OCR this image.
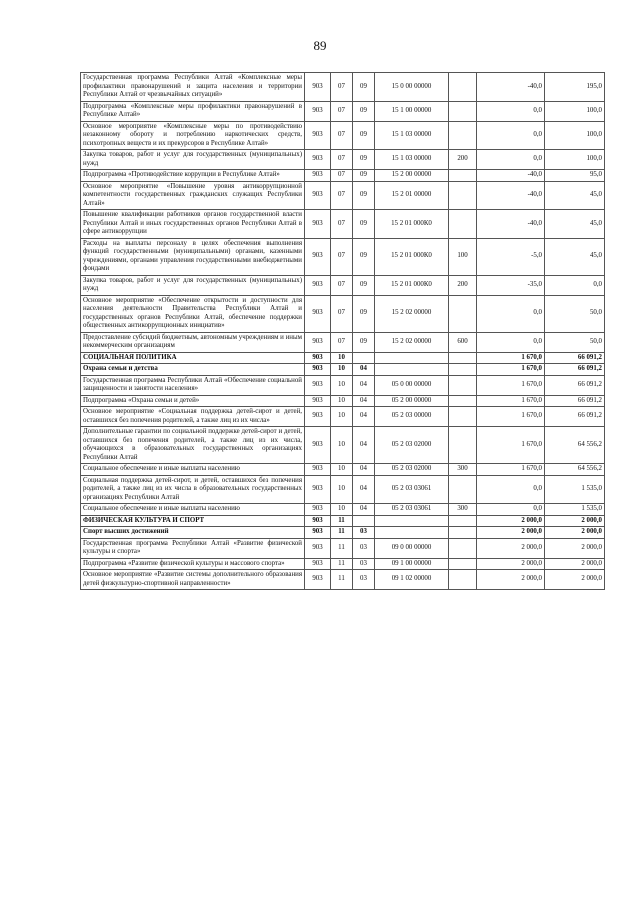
89
Государственная программа Республики Алтай «Комплексные меры профилактики правонарушений и защита населения и территории Республики Алтай от чрезвычайных ситуаций»	903	07	09	15 0 00 00000		-40,0	195,0
Подпрограмма «Комплексные меры профилактики правонарушений в Республике Алтай»	903	07	09	15 1 00 00000		0,0	100,0
Основное мероприятие «Комплексные меры по противодействию незаконному обороту и потреблению наркотических средств, психотропных веществ и их прекурсоров в Республике Алтай»	903	07	09	15 1 03 00000		0,0	100,0
Закупка товаров, работ и услуг для государственных (муниципальных) нужд	903	07	09	15 1 03 00000	200	0,0	100,0
Подпрограмма «Противодействие коррупции в Республике Алтай»	903	07	09	15 2 00 00000		-40,0	95,0
Основное мероприятие «Повышение уровня антикоррупционной компетентности государственных гражданских служащих Республики Алтай»	903	07	09	15 2 01 00000		-40,0	45,0
Повышение квалификации работников органов государственной власти Республики Алтай и иных государственных органов Республики Алтай в сфере антикоррупции	903	07	09	15 2 01 000К0		-40,0	45,0
Расходы на выплаты персоналу в целях обеспечения выполнения функций государственными (муниципальными) органами, казенными учреждениями, органами управления государственными внебюджетными фондами	903	07	09	15 2 01 000К0	100	-5,0	45,0
Закупка товаров, работ и услуг для государственных (муниципальных) нужд	903	07	09	15 2 01 000К0	200	-35,0	0,0
Основное мероприятие «Обеспечение открытости и доступности для населения деятельности Правительства Республики Алтай и государственных органов Республики Алтай, обеспечение поддержки общественных антикоррупционных инициатив»	903	07	09	15 2 02 00000		0,0	50,0
Предоставление субсидий бюджетным, автономным учреждениям и иным некоммерческим организациям	903	07	09	15 2 02 00000	600	0,0	50,0
СОЦИАЛЬНАЯ ПОЛИТИКА	903	10				1 670,0	66 091,2
Охрана семьи и детства	903	10	04			1 670,0	66 091,2
Государственная программа Республики Алтай «Обеспечение социальной защищенности и занятости населения»	903	10	04	05 0 00 00000		1 670,0	66 091,2
Подпрограмма «Охрана семьи и детей»	903	10	04	05 2 00 00000		1 670,0	66 091,2
Основное мероприятие «Социальная поддержка детей-сирот и детей, оставшихся без попечения родителей, а также лиц из их числа»	903	10	04	05 2 03 00000		1 670,0	66 091,2
Дополнительные гарантии по социальной поддержке детей-сирот и детей, оставшихся без попечения родителей, а также лиц из их числа, обучающихся в образовательных государственных организациях Республики Алтай	903	10	04	05 2 03 02000		1 670,0	64 556,2
Социальное обеспечение и иные выплаты населению	903	10	04	05 2 03 02000	300	1 670,0	64 556,2
Социальная поддержка детей-сирот, и детей, оставшихся без попечения родителей, а также лиц из их числа в образовательных государственных организациях Республики Алтай	903	10	04	05 2 03 03061		0,0	1 535,0
Социальное обеспечение и иные выплаты населению	903	10	04	05 2 03 03061	300	0,0	1 535,0
ФИЗИЧЕСКАЯ КУЛЬТУРА И СПОРТ	903	11				2 000,0	2 000,0
Спорт высших достижений	903	11	03			2 000,0	2 000,0
Государственная программа Республики Алтай «Развитие физической культуры и спорта»	903	11	03	09 0 00 00000		2 000,0	2 000,0
Подпрограмма «Развитие физической культуры и массового спорта»	903	11	03	09 1 00 00000		2 000,0	2 000,0
Основное мероприятие «Развитие системы дополнительного образования детей физкультурно-спортивной направленности»	903	11	03	09 1 02 00000		2 000,0	2 000,0
